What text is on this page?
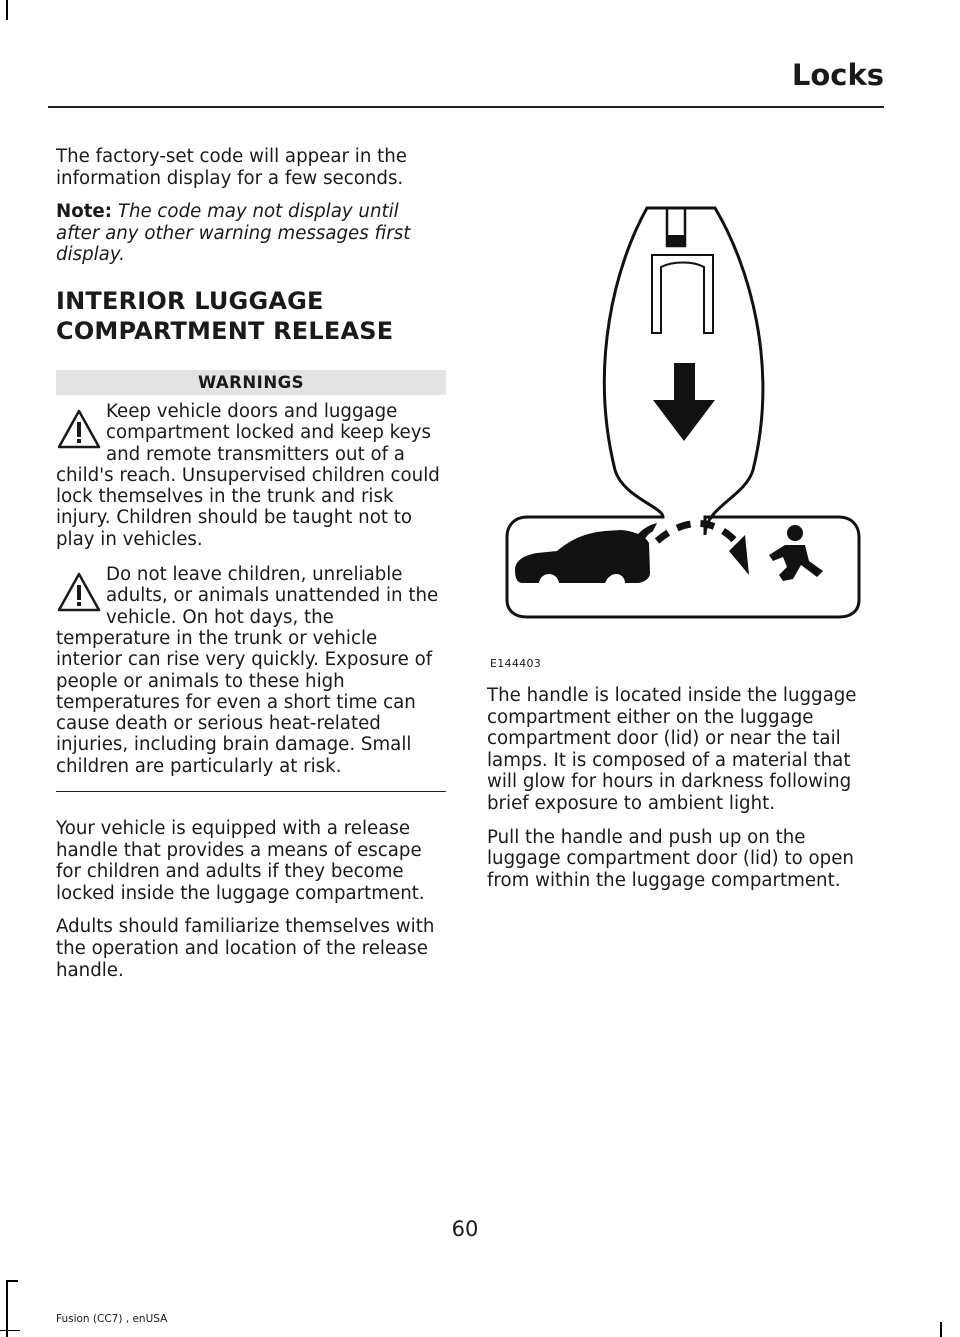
Locks

The factory-set code will appear in the information display for a few seconds.

Note: The code may not display until after any other warning messages first display.

INTERIOR LUGGAGE
COMPARTMENT RELEASE
WARNINGS
Keep vehicle doors and luggage compartment locked and keep keys and remote transmitters out of a child's reach. Unsupervised children could lock themselves in the trunk and risk injury. Children should be taught not to play in vehicles.
Do not leave children, unreliable adults, or animals unattended in the vehicle. On hot days, the temperature in the trunk or vehicle interior can rise very quickly. Exposure of people or animals to these high temperatures for even a short time can cause death or serious heat-related injuries, including brain damage. Small children are particularly at risk.

Your vehicle is equipped with a release handle that provides a means of escape for children and adults if they become locked inside the luggage compartment.

Adults should familiarize themselves with the operation and location of the release handle.

E144403

The handle is located inside the luggage compartment either on the luggage compartment door (lid) or near the tail lamps. It is composed of a material that will glow for hours in darkness following brief exposure to ambient light.

Pull the handle and push up on the luggage compartment door (lid) to open from within the luggage compartment.

60
Fusion (CC7) , enUSA
